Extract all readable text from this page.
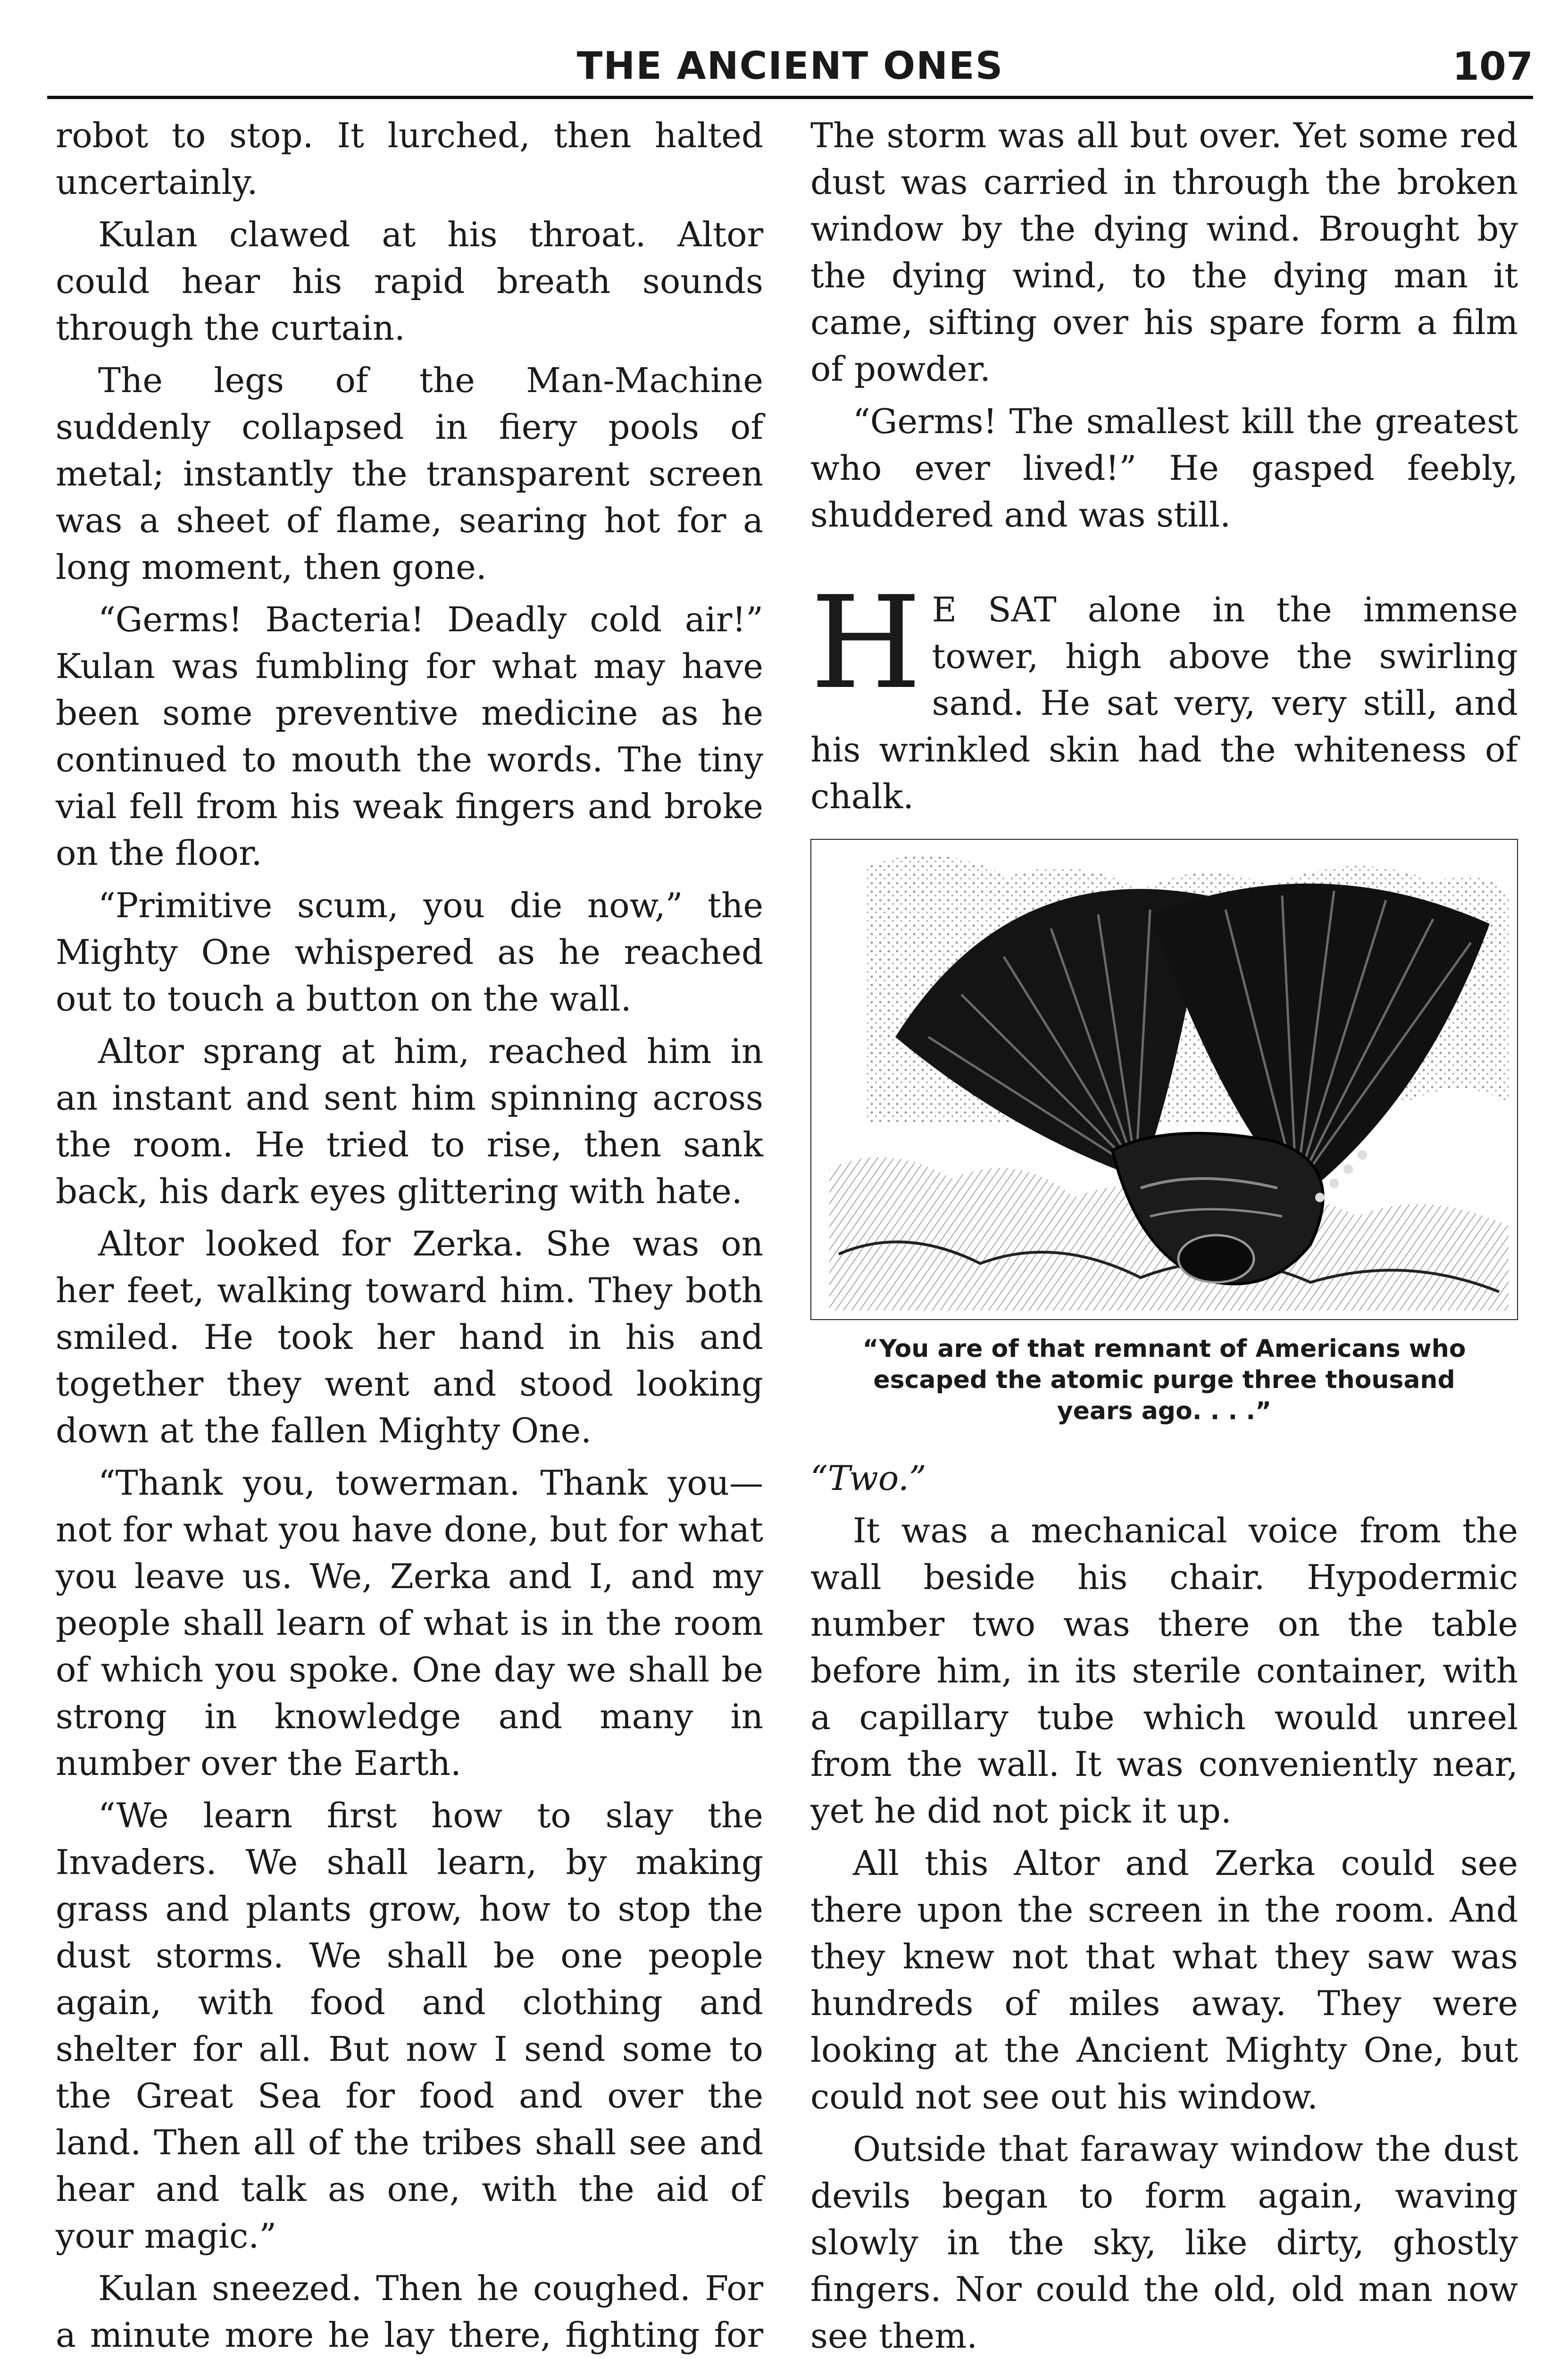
THE ANCIENT ONES	107

robot to stop. It lurched, then halted uncertainly.

Kulan clawed at his throat. Altor could hear his rapid breath sounds through the curtain.

The legs of the Man-Machine suddenly collapsed in fiery pools of metal; instantly the transparent screen was a sheet of flame, searing hot for a long moment, then gone.

“Germs! Bacteria! Deadly cold air!” Kulan was fumbling for what may have been some preventive medicine as he continued to mouth the words. The tiny vial fell from his weak fingers and broke on the floor.

“Primitive scum, you die now,” the Mighty One whispered as he reached out to touch a button on the wall.

Altor sprang at him, reached him in an instant and sent him spinning across the room. He tried to rise, then sank back, his dark eyes glittering with hate.

Altor looked for Zerka. She was on her feet, walking toward him. They both smiled. He took her hand in his and together they went and stood looking down at the fallen Mighty One.

“Thank you, towerman. Thank you— not for what you have done, but for what you leave us. We, Zerka and I, and my people shall learn of what is in the room of which you spoke. One day we shall be strong in knowledge and many in number over the Earth.

“We learn first how to slay the Invaders. We shall learn, by making grass and plants grow, how to stop the dust storms. We shall be one people again, with food and clothing and shelter for all. But now I send some to the Great Sea for food and over the land. Then all of the tribes shall see and hear and talk as one, with the aid of your magic.”

Kulan sneezed. Then he coughed. For a minute more he lay there, fighting for

The storm was all but over. Yet some red dust was carried in through the broken window by the dying wind. Brought by the dying wind, to the dying man it came, sifting over his spare form a film of powder.

“Germs! The smallest kill the greatest who ever lived!” He gasped feebly, shuddered and was still.

H E SAT alone in the immense tower, high above the swirling sand. He sat very, very still, and his wrinkled skin had the whiteness of chalk.

“You are of that remnant of Americans who escaped the atomic purge three thousand years ago. . . .”

“Two.”

It was a mechanical voice from the wall beside his chair. Hypodermic number two was there on the table before him, in its sterile container, with a capillary tube which would unreel from the wall. It was conveniently near, yet he did not pick it up.

All this Altor and Zerka could see there upon the screen in the room. And they knew not that what they saw was hundreds of miles away. They were looking at the Ancient Mighty One, but could not see out his window.

Outside that faraway window the dust devils began to form again, waving slowly in the sky, like dirty, ghostly fingers. Nor could the old, old man now see them.
